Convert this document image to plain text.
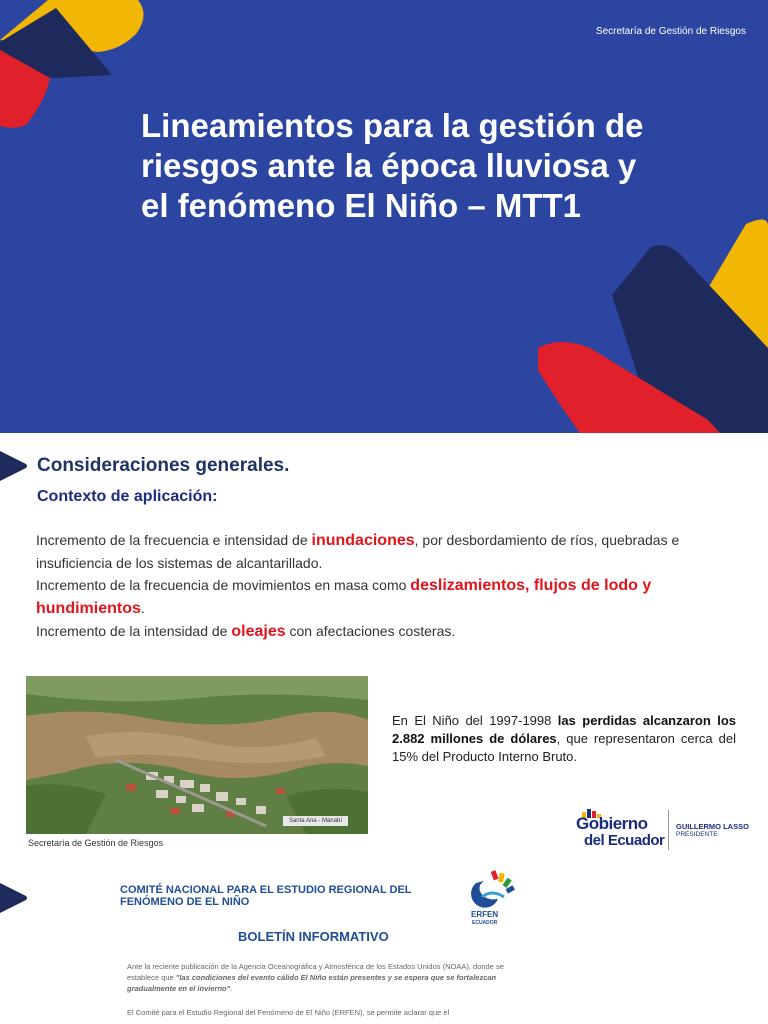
Secretaría de Gestión de Riesgos
Lineamientos para la gestión de riesgos ante la época lluviosa y el fenómeno El Niño – MTT1
Consideraciones generales.
Contexto de aplicación:
Incremento de la frecuencia e intensidad de inundaciones, por desbordamiento de ríos, quebradas e insuficiencia de los sistemas de alcantarillado.
Incremento de la frecuencia de movimientos en masa como deslizamientos, flujos de lodo y hundimientos.
Incremento de la intensidad de oleajes con afectaciones costeras.
Santa Ana - Manabí
Secretaría de Gestión de Riesgos
En El Niño del 1997-1998 las perdidas alcanzaron los 2.882 millones de dólares, que representaron cerca del 15% del Producto Interno Bruto.
Gobierno
del Ecuador
GUILLERMO LASSO
PRESIDENTE
COMITÉ NACIONAL PARA EL ESTUDIO REGIONAL DEL FENÓMENO DE EL NIÑO
ERFEN
ECUADOR
BOLETÍN INFORMATIVO
Ante la reciente publicación de la Agencia Oceanográfica y Atmosférica de los Estados Unidos (NOAA), donde se establece que "las condiciones del evento cálido El Niño están presentes y se espera que se fortalezcan gradualmente en el invierno".
El Comité para el Estudio Regional del Fenómeno de El Niño (ERFEN), se permite aclarar que el
